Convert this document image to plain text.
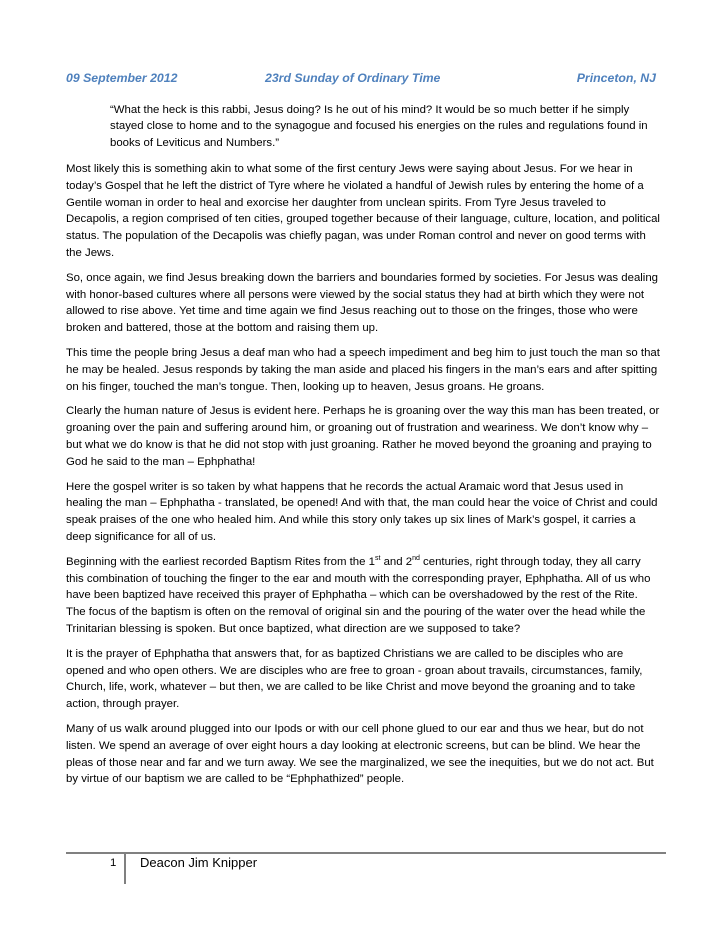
09 September 2012	23rd Sunday of Ordinary Time	Princeton, NJ
“What the heck is this rabbi, Jesus doing? Is he out of his mind? It would be so much better if he simply stayed close to home and to the synagogue and focused his energies on the rules and regulations found in books of Leviticus and Numbers.”

Most likely this is something akin to what some of the first century Jews were saying about Jesus. For we hear in today’s Gospel that he left the district of Tyre where he violated a handful of Jewish rules by entering the home of a Gentile woman in order to heal and exorcise her daughter from unclean spirits. From Tyre Jesus traveled to Decapolis, a region comprised of ten cities, grouped together because of their language, culture, location, and political status. The population of the Decapolis was chiefly pagan, was under Roman control and never on good terms with the Jews.

So, once again, we find Jesus breaking down the barriers and boundaries formed by societies. For Jesus was dealing with honor-based cultures where all persons were viewed by the social status they had at birth which they were not allowed to rise above. Yet time and time again we find Jesus reaching out to those on the fringes, those who were broken and battered, those at the bottom and raising them up.

This time the people bring Jesus a deaf man who had a speech impediment and beg him to just touch the man so that he may be healed. Jesus responds by taking the man aside and placed his fingers in the man’s ears and after spitting on his finger, touched the man’s tongue. Then, looking up to heaven, Jesus groans. He groans.

Clearly the human nature of Jesus is evident here. Perhaps he is groaning over the way this man has been treated, or groaning over the pain and suffering around him, or groaning out of frustration and weariness. We don’t know why – but what we do know is that he did not stop with just groaning. Rather he moved beyond the groaning and praying to God he said to the man – Ephphatha!

Here the gospel writer is so taken by what happens that he records the actual Aramaic word that Jesus used in healing the man – Ephphatha - translated, be opened! And with that, the man could hear the voice of Christ and could speak praises of the one who healed him. And while this story only takes up six lines of Mark’s gospel, it carries a deep significance for all of us.

Beginning with the earliest recorded Baptism Rites from the 1st and 2nd centuries, right through today, they all carry this combination of touching the finger to the ear and mouth with the corresponding prayer, Ephphatha. All of us who have been baptized have received this prayer of Ephphatha – which can be overshadowed by the rest of the Rite. The focus of the baptism is often on the removal of original sin and the pouring of the water over the head while the Trinitarian blessing is spoken. But once baptized, what direction are we supposed to take?

It is the prayer of Ephphatha that answers that, for as baptized Christians we are called to be disciples who are opened and who open others. We are disciples who are free to groan - groan about travails, circumstances, family, Church, life, work, whatever – but then, we are called to be like Christ and move beyond the groaning and to take action, through prayer.

Many of us walk around plugged into our Ipods or with our cell phone glued to our ear and thus we hear, but do not listen. We spend an average of over eight hours a day looking at electronic screens, but can be blind. We hear the pleas of those near and far and we turn away. We see the marginalized, we see the inequities, but we do not act. But by virtue of our baptism we are called to be “Ephphathized” people.

1 Deacon Jim Knipper
